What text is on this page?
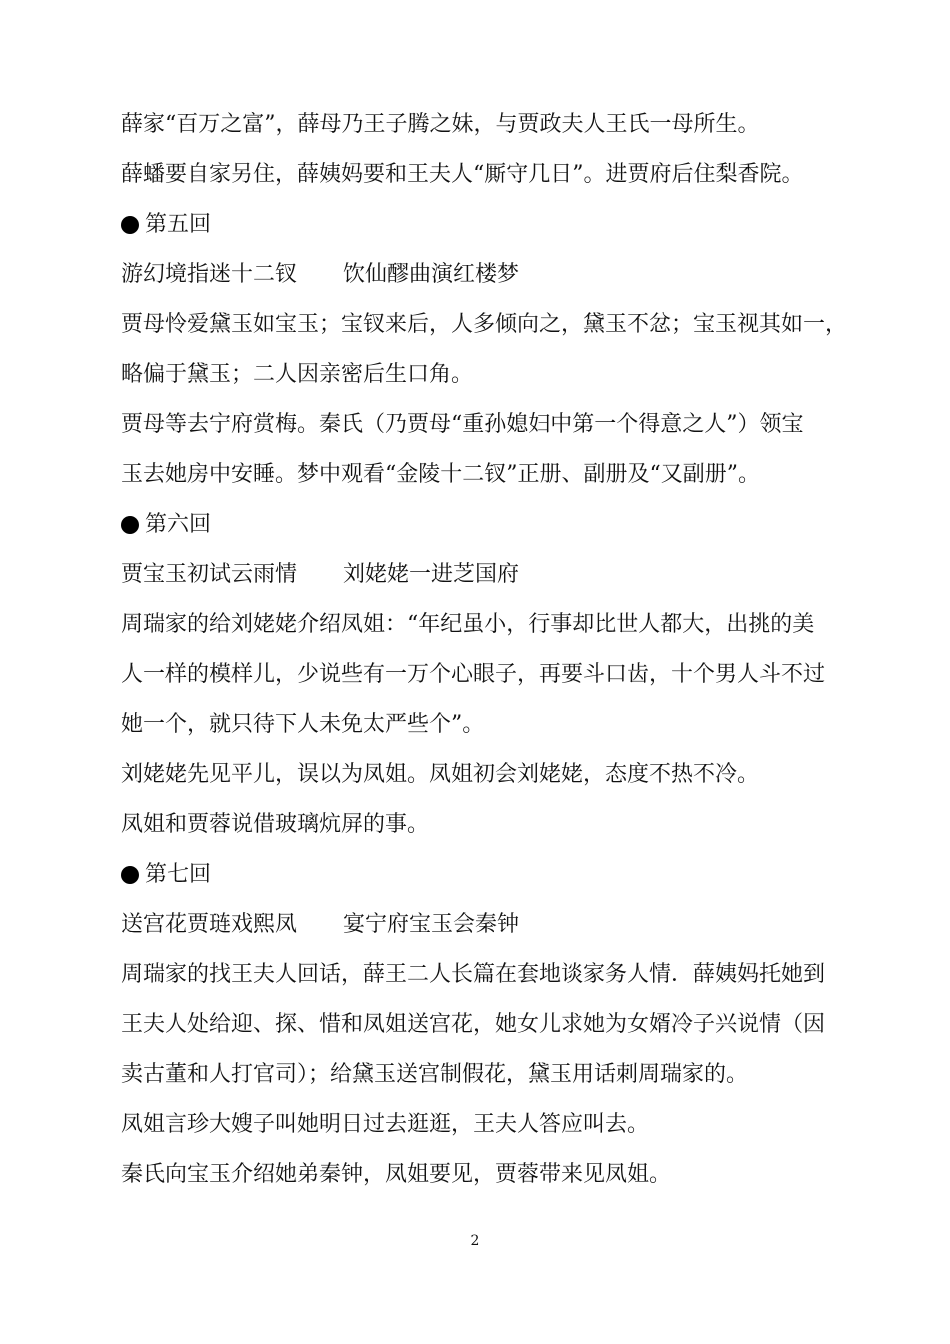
薛家“百万之富”，薛母乃王子腾之妹，与贾政夫人王氏一母所生。
薛蟠要自家另住，薛姨妈要和王夫人“厮守几日”。进贾府后住梨香院。
第五回
游幻境指迷十二钗 饮仙醪曲演红楼梦
贾母怜爱黛玉如宝玉；宝钗来后，人多倾向之，黛玉不忿；宝玉视其如一，
略偏于黛玉；二人因亲密后生口角。
贾母等去宁府赏梅。秦氏（乃贾母“重孙媳妇中第一个得意之人”）领宝
玉去她房中安睡。梦中观看“金陵十二钗”正册、副册及“又副册”。
第六回
贾宝玉初试云雨情 刘姥姥一进芝国府
周瑞家的给刘姥姥介绍凤姐：“年纪虽小，行事却比世人都大，出挑的美
人一样的模样儿，少说些有一万个心眼子，再要斗口齿，十个男人斗不过
她一个，就只待下人未免太严些个”。
刘姥姥先见平儿，误以为凤姐。凤姐初会刘姥姥，态度不热不冷。
凤姐和贾蓉说借玻璃炕屏的事。
第七回
送宫花贾琏戏熙凤 宴宁府宝玉会秦钟
周瑞家的找王夫人回话，薛王二人长篇在套地谈家务人情．薛姨妈托她到
王夫人处给迎、探、惜和凤姐送宫花，她女儿求她为女婿冷子兴说情（因
卖古董和人打官司）；给黛玉送宫制假花，黛玉用话刺周瑞家的。
凤姐言珍大嫂子叫她明日过去逛逛，王夫人答应叫去。
秦氏向宝玉介绍她弟秦钟，凤姐要见，贾蓉带来见凤姐。
2
